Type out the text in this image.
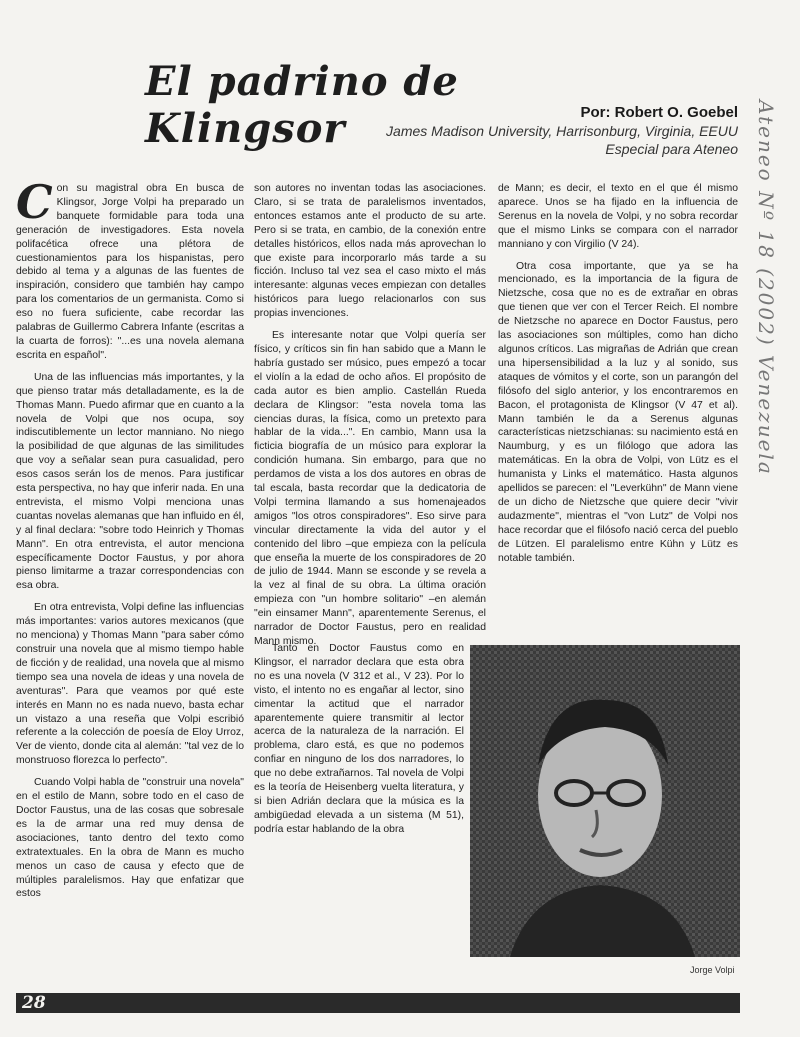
El padrino de Klingsor	Por: Robert O. Goebel
James Madison University, Harrisonburg, Virginia, EEUU
Especial para Ateneo Ateneo Nº 18 (2002) Venezuela

Con su magistral obra En busca de Klingsor, Jorge Volpi ha preparado un banquete formidable para toda una generación de investigadores. Esta novela polifacética ofrece una plétora de cuestionamientos para los hispanistas, pero debido al tema y a algunas de las fuentes de inspiración, considero que también hay campo para los comentarios de un germanista. Como si eso no fuera suficiente, cabe recordar las palabras de Guillermo Cabrera Infante (escritas a la cuarta de forros): "...es una novela alemana escrita en español".

Una de las influencias más importantes, y la que pienso tratar más detalladamente, es la de Thomas Mann. Puedo afirmar que en cuanto a la novela de Volpi que nos ocupa, soy indiscutiblemente un lector manniano. No niego la posibilidad de que algunas de las similitudes que voy a señalar sean pura casualidad, pero esos casos serán los de menos. Para justificar esta perspectiva, no hay que inferir nada. En una entrevista, el mismo Volpi menciona unas cuantas novelas alemanas que han influido en él, y al final declara: "sobre todo Heinrich y Thomas Mann". En otra entrevista, el autor menciona específicamente Doctor Faustus, y por ahora pienso limitarme a trazar correspondencias con esa obra.

En otra entrevista, Volpi define las influencias más importantes: varios autores mexicanos (que no menciona) y Thomas Mann "para saber cómo construir una novela que al mismo tiempo hable de ficción y de realidad, una novela que al mismo tiempo sea una novela de ideas y una novela de aventuras". Para que veamos por qué este interés en Mann no es nada nuevo, basta echar un vistazo a una reseña que Volpi escribió referente a la colección de poesía de Eloy Urroz, Ver de viento, donde cita al alemán: "tal vez de lo monstruoso florezca lo perfecto".

Cuando Volpi habla de "construir una novela" en el estilo de Mann, sobre todo en el caso de Doctor Faustus, una de las cosas que sobresale es la de armar una red muy densa de asociaciones, tanto dentro del texto como extratextuales. En la obra de Mann es mucho menos un caso de causa y efecto que de múltiples paralelismos. Hay que enfatizar que estos

son autores no inventan todas las asociaciones. Claro, si se trata de paralelismos inventados, entonces estamos ante el producto de su arte. Pero si se trata, en cambio, de la conexión entre detalles históricos, ellos nada más aprovechan lo que existe para incorporarlo más tarde a su ficción. Incluso tal vez sea el caso mixto el más interesante: algunas veces empiezan con detalles históricos para luego relacionarlos con sus propias invenciones.

Es interesante notar que Volpi quería ser físico, y críticos sin fin han sabido que a Mann le habría gustado ser músico, pues empezó a tocar el violín a la edad de ocho años. El propósito de cada autor es bien amplio. Castellán Rueda declara de Klingsor: "esta novela toma las ciencias duras, la física, como un pretexto para hablar de la vida...". En cambio, Mann usa la ficticia biografía de un músico para explorar la condición humana. Sin embargo, para que no perdamos de vista a los dos autores en obras de tal escala, basta recordar que la dedicatoria de Volpi termina llamando a sus homenajeados amigos "los otros conspiradores". Eso sirve para vincular directamente la vida del autor y el contenido del libro –que empieza con la película que enseña la muerte de los conspiradores de 20 de julio de 1944. Mann se esconde y se revela a la vez al final de su obra. La última oración empieza con "un hombre solitario" –en alemán "ein einsamer Mann", aparentemente Serenus, el narrador de Doctor Faustus, pero en realidad Mann mismo.

Tanto en Doctor Faustus como en Klingsor, el narrador declara que esta obra no es una novela (V 312 et al., V 23). Por lo visto, el intento no es engañar al lector, sino cimentar la actitud que el narrador aparentemente quiere transmitir al lector acerca de la naturaleza de la narración. El problema, claro está, es que no podemos confiar en ninguno de los dos narradores, lo que no debe extrañarnos. Tal novela de Volpi es la teoría de Heisenberg vuelta literatura, y si bien Adrián declara que la música es la ambigüedad elevada a un sistema (M 51), podría estar hablando de la obra

de Mann; es decir, el texto en el que él mismo aparece. Unos se ha fijado en la influencia de Serenus en la novela de Volpi, y no sobra recordar que el mismo Links se compara con el narrador manniano y con Virgilio (V 24).

Otra cosa importante, que ya se ha mencionado, es la importancia de la figura de Nietzsche, cosa que no es de extrañar en obras que tienen que ver con el Tercer Reich. El nombre de Nietzsche no aparece en Doctor Faustus, pero las asociaciones son múltiples, como han dicho algunos críticos. Las migrañas de Adrián que crean una hipersensibilidad a la luz y al sonido, sus ataques de vómitos y el corte, son un parangón del filósofo del siglo anterior, y los encontraremos en Bacon, el protagonista de Klingsor (V 47 et al). Mann también le da a Serenus algunas características nietzschianas: su nacimiento está en Naumburg, y es un filólogo que adora las matemáticas. En la obra de Volpi, von Lütz es el humanista y Links el matemático. Hasta algunos apellidos se parecen: el "Leverkühn" de Mann viene de un dicho de Nietzsche que quiere decir "vivir audazmente", mientras el "von Lutz" de Volpi nos hace recordar que el filósofo nació cerca del pueblo de Lützen. El paralelismo entre Kühn y Lütz es notable también.

Jorge Volpi
28
